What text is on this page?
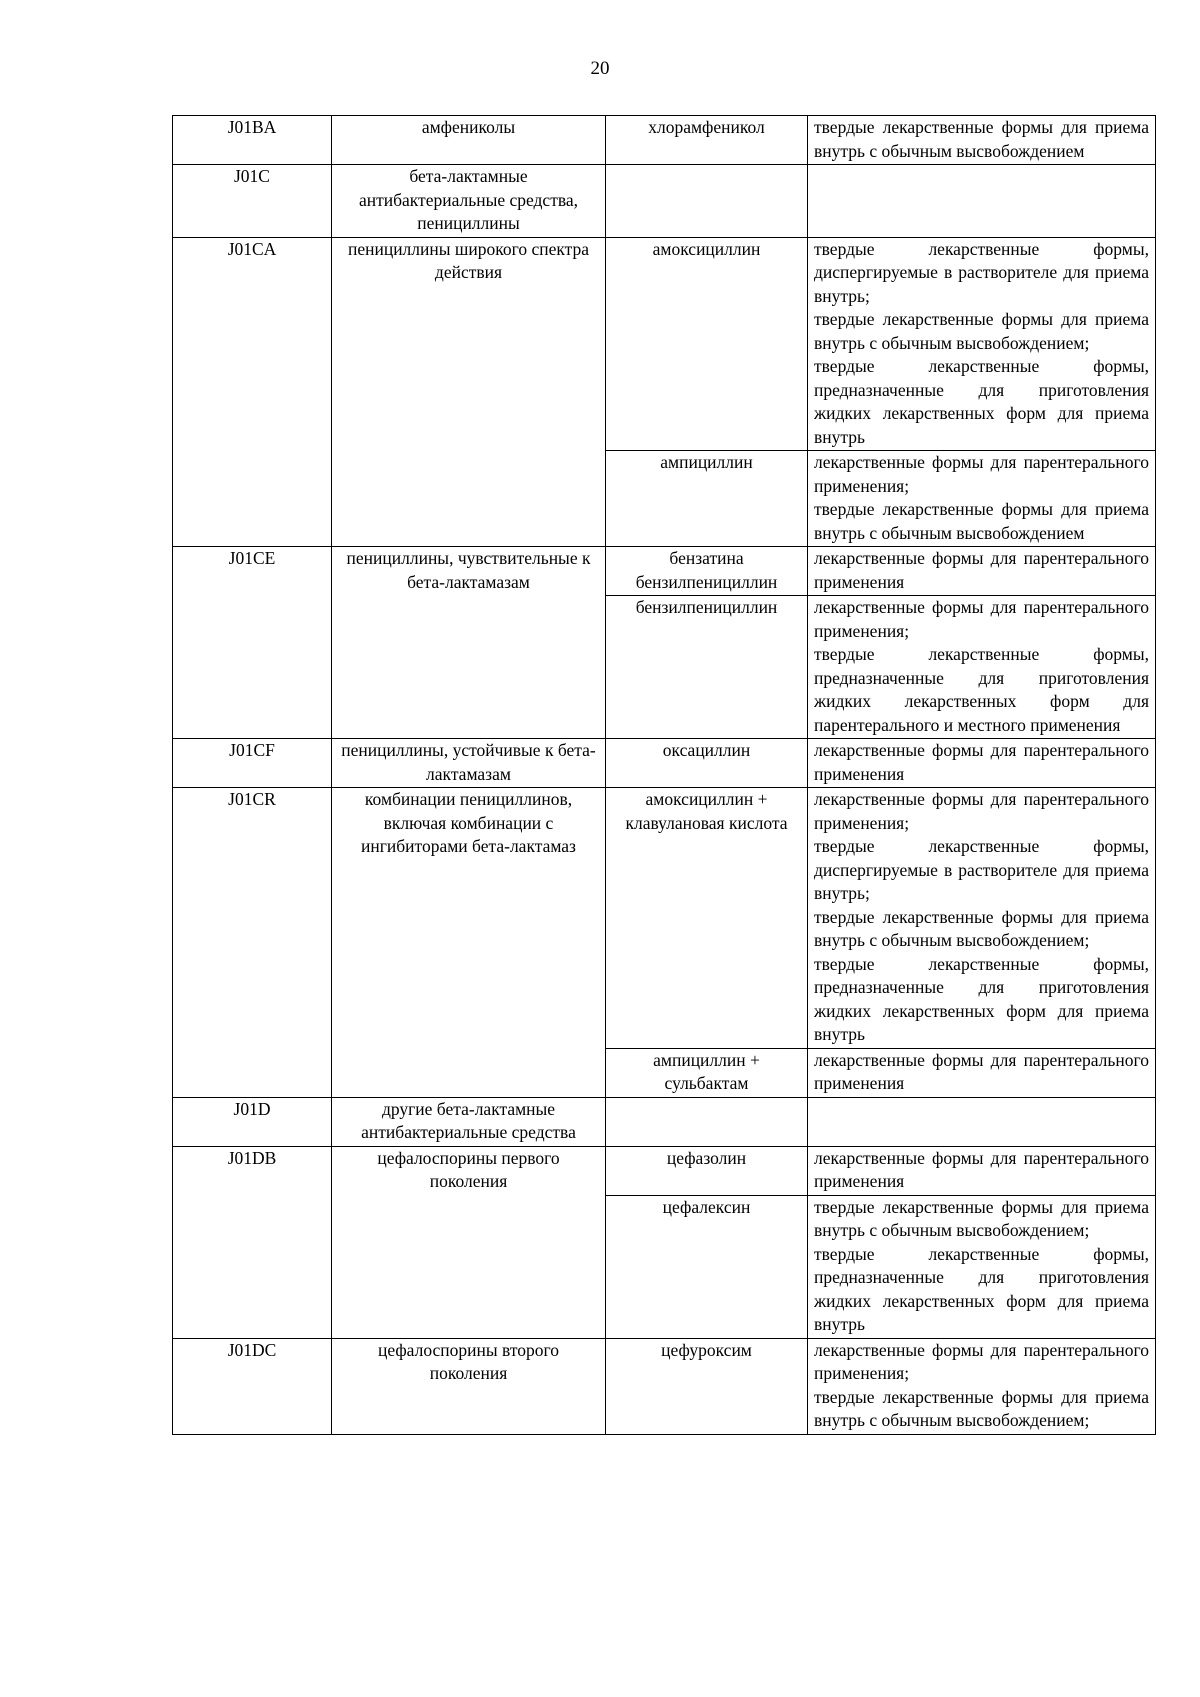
20
J01BA	амфениколы	хлорамфеникол	твердые лекарственные формы для приема внутрь с обычным высвобождением

J01C	бета-лактамные антибактериальные средства, пенициллины		
J01CA	пенициллины широкого спектра действия	амоксициллин	твердые лекарственные формы, диспергируемые в растворителе для приема внутрь;
твердые лекарственные формы для приема внутрь с обычным высвобождением;
твердые лекарственные формы, предназначенные для приготовления жидких лекарственных форм для приема внутрь

		ампициллин	лекарственные формы для парентерального применения;
твердые лекарственные формы для приема внутрь с обычным высвобождением

J01CE	пенициллины, чувствительные к бета-лактамазам	бензатина бензилпенициллин	лекарственные формы для парентерального применения

		бензилпенициллин	лекарственные формы для парентерального применения;
твердые лекарственные формы, предназначенные для приготовления жидких лекарственных форм для парентерального и местного применения

J01CF	пенициллины, устойчивые к бета-лактамазам	оксациллин	лекарственные формы для парентерального применения

J01CR	комбинации пенициллинов, включая комбинации с ингибиторами бета-лактамаз	амоксициллин + клавулановая кислота	лекарственные формы для парентерального применения;
твердые лекарственные формы, диспергируемые в растворителе для приема внутрь;
твердые лекарственные формы для приема внутрь с обычным высвобождением;
твердые лекарственные формы, предназначенные для приготовления жидких лекарственных форм для приема внутрь

		ампициллин + сульбактам	лекарственные формы для парентерального применения

J01D	другие бета-лактамные антибактериальные средства		
J01DB	цефалоспорины первого поколения	цефазолин	лекарственные формы для парентерального применения

		цефалексин	твердые лекарственные формы для приема внутрь с обычным высвобождением;
твердые лекарственные формы, предназначенные для приготовления жидких лекарственных форм для приема внутрь

J01DC	цефалоспорины второго поколения	цефуроксим	лекарственные формы для парентерального применения;
твердые лекарственные формы для приема внутрь с обычным высвобождением;
